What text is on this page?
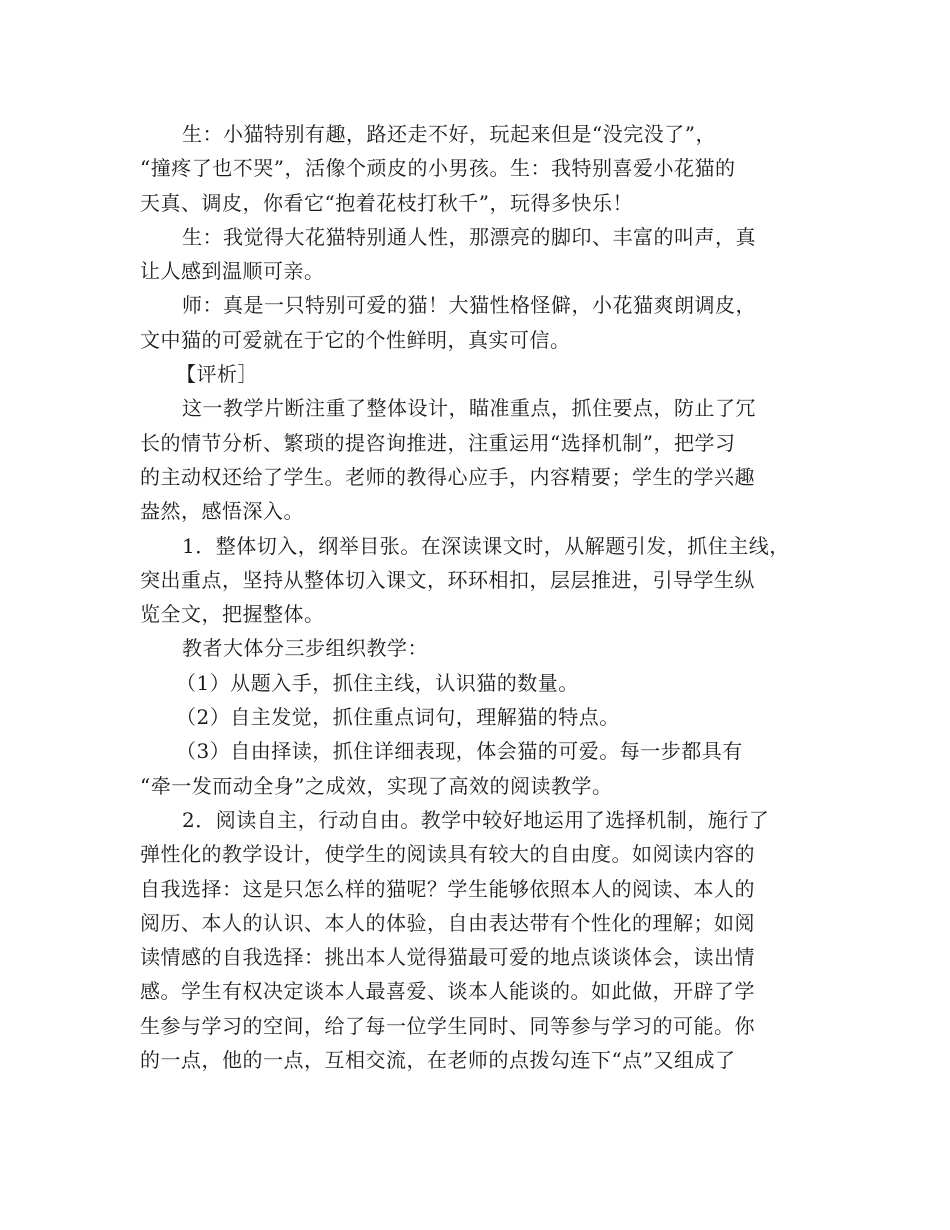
生：小猫特别有趣，路还走不好，玩起来但是“没完没了”，
“撞疼了也不哭”，活像个顽皮的小男孩。生：我特别喜爱小花猫的
天真、调皮，你看它“抱着花枝打秋千”，玩得多快乐！
生：我觉得大花猫特别通人性，那漂亮的脚印、丰富的叫声，真
让人感到温顺可亲。
师：真是一只特别可爱的猫！大猫性格怪僻，小花猫爽朗调皮，
文中猫的可爱就在于它的个性鲜明，真实可信。
【评析］
这一教学片断注重了整体设计，瞄准重点，抓住要点，防止了冗
长的情节分析、繁琐的提咨询推进，注重运用“选择机制”，把学习
的主动权还给了学生。老师的教得心应手，内容精要；学生的学兴趣
盎然，感悟深入。
1．整体切入，纲举目张。在深读课文时，从解题引发，抓住主线，
突出重点，坚持从整体切入课文，环环相扣，层层推进，引导学生纵
览全文，把握整体。
教者大体分三步组织教学：
（1）从题入手，抓住主线，认识猫的数量。
（2）自主发觉，抓住重点词句，理解猫的特点。
（3）自由择读，抓住详细表现，体会猫的可爱。每一步都具有
“牵一发而动全身”之成效，实现了高效的阅读教学。
2．阅读自主，行动自由。教学中较好地运用了选择机制，施行了
弹性化的教学设计，使学生的阅读具有较大的自由度。如阅读内容的
自我选择：这是只怎么样的猫呢？学生能够依照本人的阅读、本人的
阅历、本人的认识、本人的体验，自由表达带有个性化的理解；如阅
读情感的自我选择：挑出本人觉得猫最可爱的地点谈谈体会，读出情
感。学生有权决定谈本人最喜爱、谈本人能谈的。如此做，开辟了学
生参与学习的空间，给了每一位学生同时、同等参与学习的可能。你
的一点，他的一点，互相交流，在老师的点拨勾连下“点”又组成了
